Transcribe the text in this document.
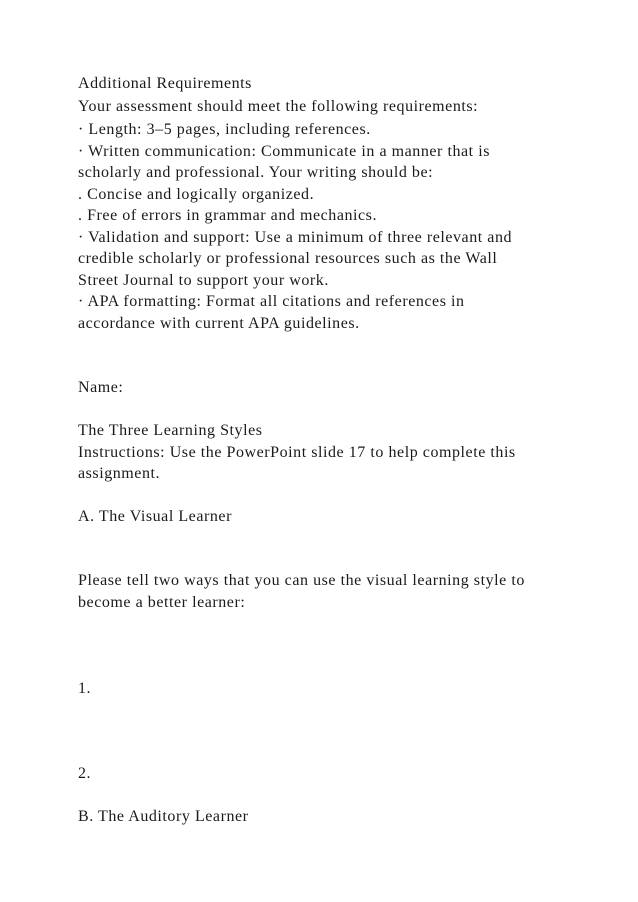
Additional Requirements
Your assessment should meet the following requirements:
· Length: 3–5 pages, including references.
· Written communication: Communicate in a manner that is
scholarly and professional. Your writing should be:
. Concise and logically organized.
. Free of errors in grammar and mechanics.
· Validation and support: Use a minimum of three relevant and
credible scholarly or professional resources such as the Wall
Street Journal to support your work.
· APA formatting: Format all citations and references in
accordance with current APA guidelines.
Name:
The Three Learning Styles
Instructions: Use the PowerPoint slide 17 to help complete this
assignment.
A. The Visual Learner
Please tell two ways that you can use the visual learning style to
become a better learner:
1.
2.
B. The Auditory Learner
